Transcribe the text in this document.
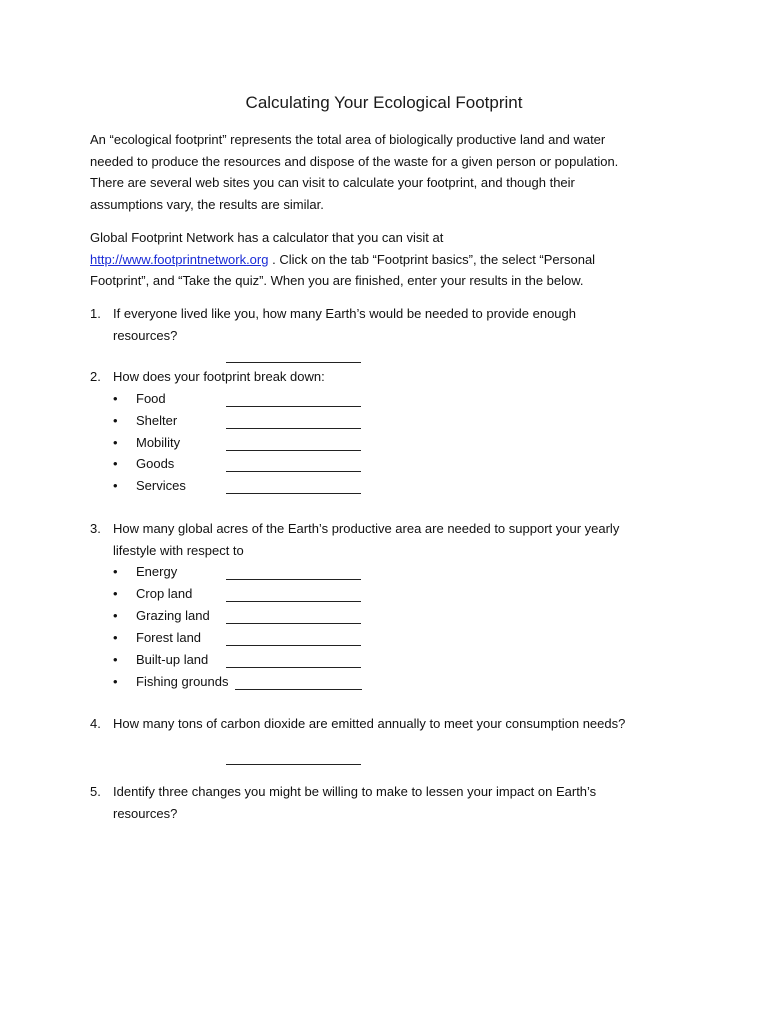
Calculating Your Ecological Footprint
An “ecological footprint” represents the total area of biologically productive land and water
needed to produce the resources and dispose of the waste for a given person or population.
There are several web sites you can visit to calculate your footprint, and though their
assumptions vary, the results are similar.
Global Footprint Network has a calculator that you can visit at
http://www.footprintnetwork.org . Click on the tab “Footprint basics”, the select “Personal
Footprint”, and “Take the quiz”. When you are finished, enter your results in the below.
1. If everyone lived like you, how many Earth’s would be needed to provide enough
resources?
2. How does your footprint break down:
• Food
• Shelter
• Mobility
• Goods
• Services
3. How many global acres of the Earth’s productive area are needed to support your yearly
lifestyle with respect to
• Energy
• Crop land
• Grazing land
• Forest land
• Built-up land
• Fishing grounds
4. How many tons of carbon dioxide are emitted annually to meet your consumption needs?
5. Identify three changes you might be willing to make to lessen your impact on Earth’s
resources?
